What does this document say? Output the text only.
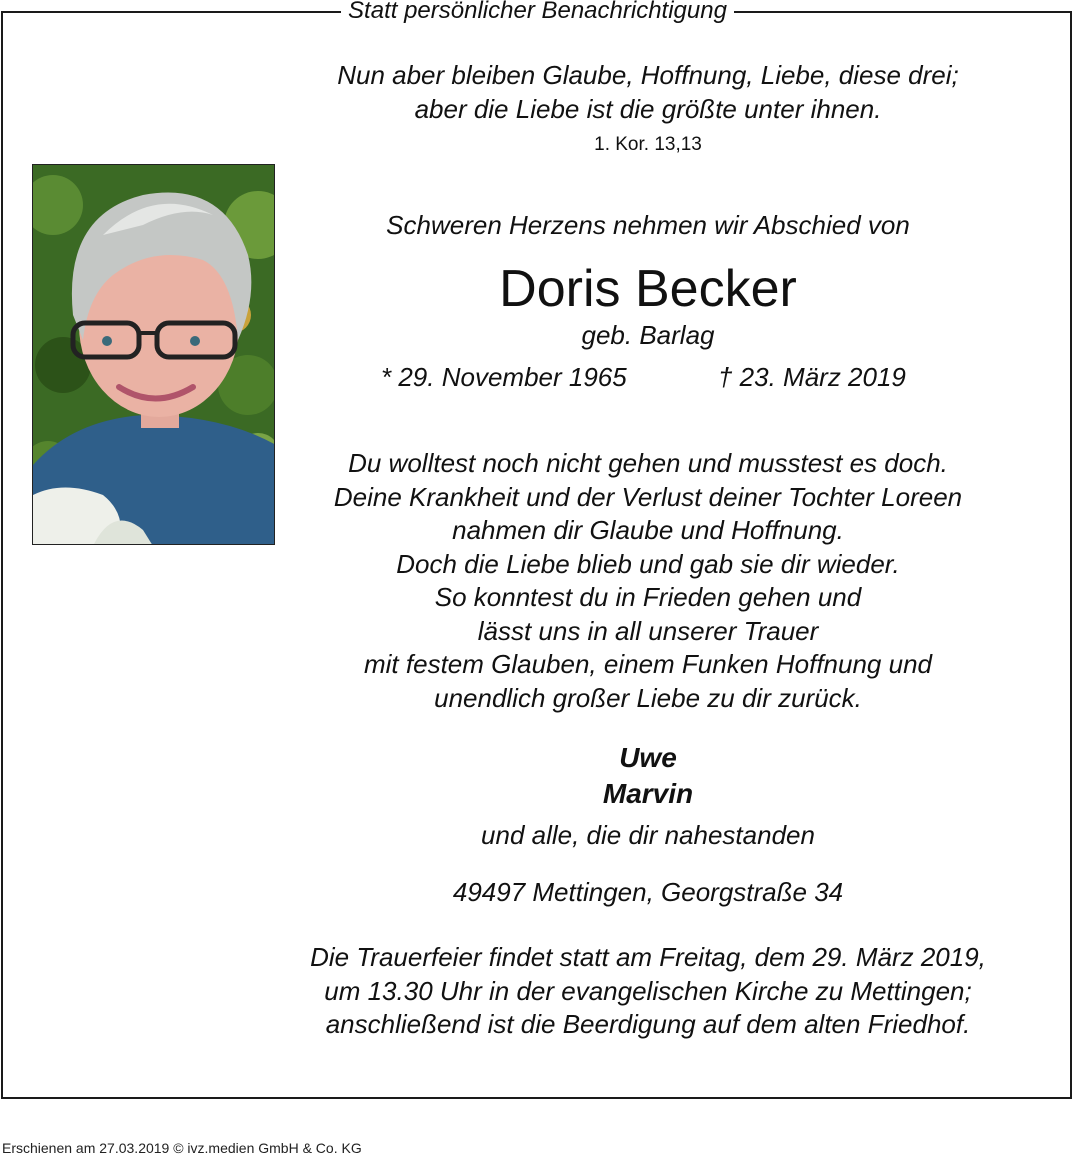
Statt persönlicher Benachrichtigung
Nun aber bleiben Glaube, Hoffnung, Liebe, diese drei;
aber die Liebe ist die größte unter ihnen.
1. Kor. 13,13
Schweren Herzens nehmen wir Abschied von
Doris Becker
geb. Barlag
* 29. November 1965	† 23. März 2019
Du wolltest noch nicht gehen und musstest es doch.
Deine Krankheit und der Verlust deiner Tochter Loreen
nahmen dir Glaube und Hoffnung.
Doch die Liebe blieb und gab sie dir wieder.
So konntest du in Frieden gehen und
lässt uns in all unserer Trauer
mit festem Glauben, einem Funken Hoffnung und
unendlich großer Liebe zu dir zurück.
Uwe
Marvin
und alle, die dir nahestanden
49497 Mettingen, Georgstraße 34
Die Trauerfeier findet statt am Freitag, dem 29. März 2019,
um 13.30 Uhr in der evangelischen Kirche zu Mettingen;
anschließend ist die Beerdigung auf dem alten Friedhof.
Erschienen am 27.03.2019 © ivz.medien GmbH & Co. KG
